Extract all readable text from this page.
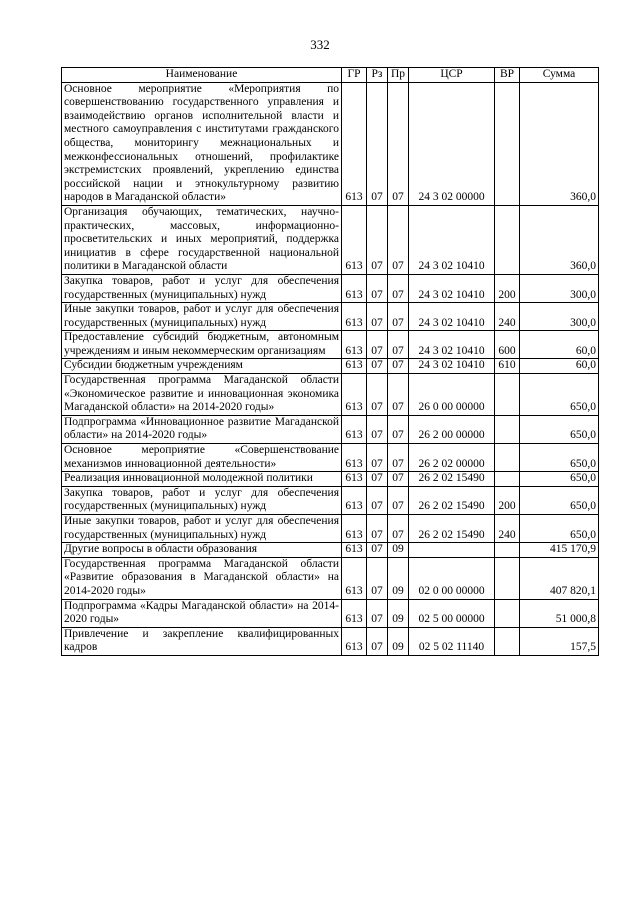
332
Наименование	ГР	Рз	Пр	ЦСР	ВР	Сумма
Основное мероприятие «Мероприятия по совершенствованию государственного управления и взаимодействию органов исполнительной власти и местного самоуправления с институтами гражданского общества, мониторингу межнациональных и межконфессиональных отношений, профилактике экстремистских проявлений, укреплению единства российской нации и этнокультурному развитию народов в Магаданской области»	613	07	07	24 3 02 00000		360,0
Организация обучающих, тематических, научно-практических, массовых, информационно-просветительских и иных мероприятий, поддержка инициатив в сфере государственной национальной политики в Магаданской области	613	07	07	24 3 02 10410		360,0
Закупка товаров, работ и услуг для обеспечения государственных (муниципальных) нужд	613	07	07	24 3 02 10410	200	300,0
Иные закупки товаров, работ и услуг для обеспечения государственных (муниципальных) нужд	613	07	07	24 3 02 10410	240	300,0
Предоставление субсидий бюджетным, автономным учреждениям и иным некоммерческим организациям	613	07	07	24 3 02 10410	600	60,0
Субсидии бюджетным учреждениям	613	07	07	24 3 02 10410	610	60,0
Государственная программа Магаданской области «Экономическое развитие и инновационная экономика Магаданской области» на 2014-2020 годы»	613	07	07	26 0 00 00000		650,0
Подпрограмма «Инновационное развитие Магаданской области» на 2014-2020 годы»	613	07	07	26 2 00 00000		650,0
Основное мероприятие «Совершенствование механизмов инновационной деятельности»	613	07	07	26 2 02 00000		650,0
Реализация инновационной молодежной политики	613	07	07	26 2 02 15490		650,0
Закупка товаров, работ и услуг для обеспечения государственных (муниципальных) нужд	613	07	07	26 2 02 15490	200	650,0
Иные закупки товаров, работ и услуг для обеспечения государственных (муниципальных) нужд	613	07	07	26 2 02 15490	240	650,0
Другие вопросы в области образования	613	07	09			415 170,9
Государственная программа Магаданской области «Развитие образования в Магаданской области» на 2014-2020 годы»	613	07	09	02 0 00 00000		407 820,1
Подпрограмма «Кадры Магаданской области» на 2014-2020 годы»	613	07	09	02 5 00 00000		51 000,8
Привлечение и закрепление квалифицированных кадров	613	07	09	02 5 02 11140		157,5
